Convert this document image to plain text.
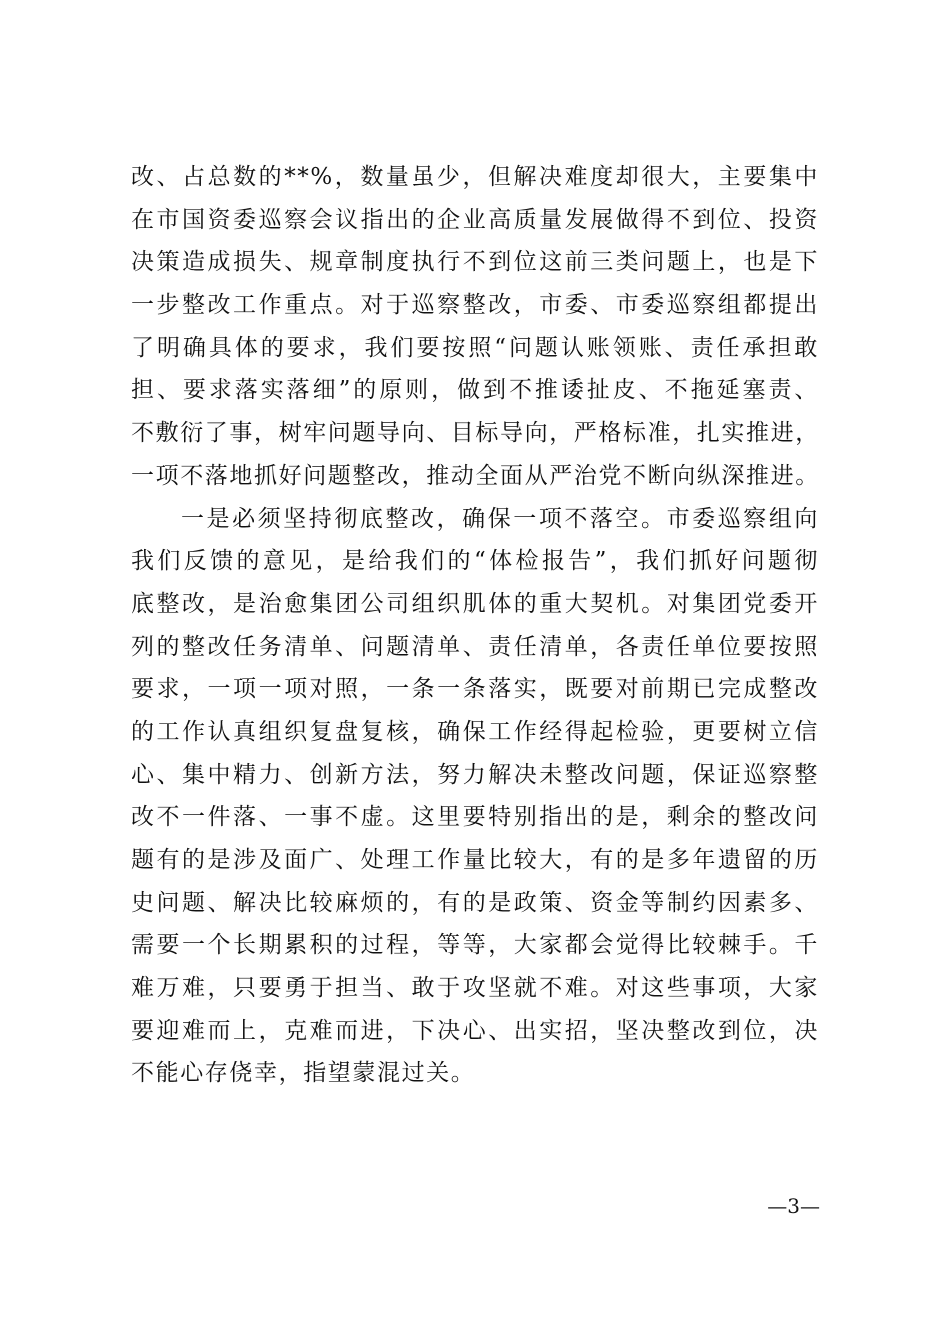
改、占总数的**%，数量虽少，但解决难度却很大，主要集中
在市国资委巡察会议指出的企业高质量发展做得不到位、投资
决策造成损失、规章制度执行不到位这前三类问题上，也是下
一步整改工作重点。对于巡察整改，市委、市委巡察组都提出
了明确具体的要求，我们要按照“问题认账领账、责任承担敢
担、要求落实落细”的原则，做到不推诿扯皮、不拖延塞责、
不敷衍了事，树牢问题导向、目标导向，严格标准，扎实推进，
一项不落地抓好问题整改，推动全面从严治党不断向纵深推进。
一是必须坚持彻底整改，确保一项不落空。市委巡察组向
我们反馈的意见，是给我们的“体检报告”，我们抓好问题彻
底整改，是治愈集团公司组织肌体的重大契机。对集团党委开
列的整改任务清单、问题清单、责任清单，各责任单位要按照
要求，一项一项对照，一条一条落实，既要对前期已完成整改
的工作认真组织复盘复核，确保工作经得起检验，更要树立信
心、集中精力、创新方法，努力解决未整改问题，保证巡察整
改不一件落、一事不虚。这里要特别指出的是，剩余的整改问
题有的是涉及面广、处理工作量比较大，有的是多年遗留的历
史问题、解决比较麻烦的，有的是政策、资金等制约因素多、
需要一个长期累积的过程，等等，大家都会觉得比较棘手。千
难万难，只要勇于担当、敢于攻坚就不难。对这些事项，大家
要迎难而上，克难而进，下决心、出实招，坚决整改到位，决
不能心存侥幸，指望蒙混过关。
—3—
